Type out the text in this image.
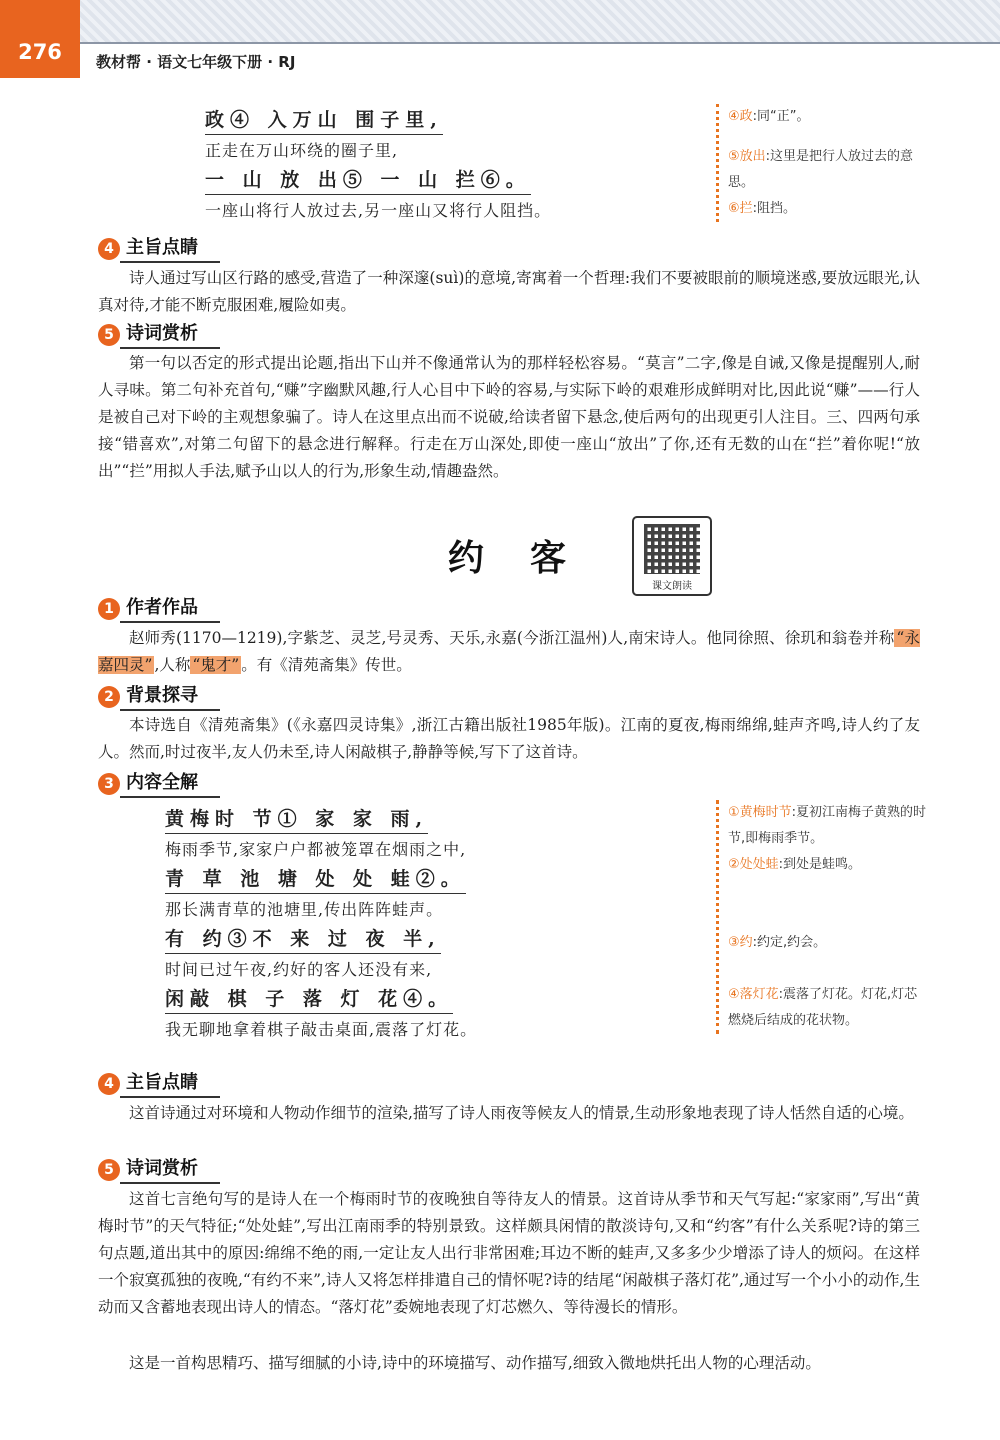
276	教材帮 · 语文七年级下册 · RJ
政④ 入万山 围子里,
正走在万山环绕的圈子里,
一 山 放 出⑤ 一 山 拦⑥。
一座山将行人放过去,另一座山又将行人阻挡。
④政:同“正”。
⑤放出:这里是把行人放过去的意思。
⑥拦:阻挡。
4 主旨点睛
诗人通过写山区行路的感受,营造了一种深邃(suì)的意境,寄寓着一个哲理:我们不要被眼前的顺境迷惑,要放远眼光,认真对待,才能不断克服困难,履险如夷。
5 诗词赏析
第一句以否定的形式提出论题,指出下山并不像通常认为的那样轻松容易。“莫言”二字,像是自诫,又像是提醒别人,耐人寻味。第二句补充首句,“赚”字幽默风趣,行人心目中下岭的容易,与实际下岭的艰难形成鲜明对比,因此说“赚”——行人是被自己对下岭的主观想象骗了。诗人在这里点出而不说破,给读者留下悬念,使后两句的出现更引人注目。三、四两句承接“错喜欢”,对第二句留下的悬念进行解释。行走在万山深处,即使一座山“放出”了你,还有无数的山在“拦”着你呢!“放出”“拦”用拟人手法,赋予山以人的行为,形象生动,情趣盎然。
约客
课文朗读
1 作者作品
赵师秀(1170—1219),字紫芝、灵芝,号灵秀、天乐,永嘉(今浙江温州)人,南宋诗人。他同徐照、徐玑和翁卷并称 “永嘉四灵” ,人称 “鬼才” 。有《清苑斋集》传世。
2 背景探寻
本诗选自《清苑斋集》(《永嘉四灵诗集》,浙江古籍出版社1985年版)。江南的夏夜,梅雨绵绵,蛙声齐鸣,诗人约了友人。然而,时过夜半,友人仍未至,诗人闲敲棋子,静静等候,写下了这首诗。
3 内容全解
黄梅时 节① 家 家 雨,
梅雨季节,家家户户都被笼罩在烟雨之中,
青 草 池 塘 处 处 蛙②。
那长满青草的池塘里,传出阵阵蛙声。
有 约③不 来 过 夜 半,
时间已过午夜,约好的客人还没有来,
闲敲 棋 子 落 灯 花④。
我无聊地拿着棋子敲击桌面,震落了灯花。
①黄梅时节:夏初江南梅子黄熟的时节,即梅雨季节。
②处处蛙:到处是蛙鸣。
③约:约定,约会。
④落灯花:震落了灯花。灯花,灯芯燃烧后结成的花状物。
4 主旨点睛
这首诗通过对环境和人物动作细节的渲染,描写了诗人雨夜等候友人的情景,生动形象地表现了诗人恬然自适的心境。
5 诗词赏析
这首七言绝句写的是诗人在一个梅雨时节的夜晚独自等待友人的情景。这首诗从季节和天气写起:“家家雨”,写出“黄梅时节”的天气特征;“处处蛙”,写出江南雨季的特别景致。这样颇具闲情的散淡诗句,又和“约客”有什么关系呢?诗的第三句点题,道出其中的原因:绵绵不绝的雨,一定让友人出行非常困难;耳边不断的蛙声,又多多少少增添了诗人的烦闷。在这样一个寂寞孤独的夜晚,“有约不来”,诗人又将怎样排遣自己的情怀呢?诗的结尾“闲敲棋子落灯花”,通过写一个小小的动作,生动而又含蓄地表现出诗人的情态。“落灯花”委婉地表现了灯芯燃久、等待漫长的情形。
这是一首构思精巧、描写细腻的小诗,诗中的环境描写、动作描写,细致入微地烘托出人物的心理活动。
